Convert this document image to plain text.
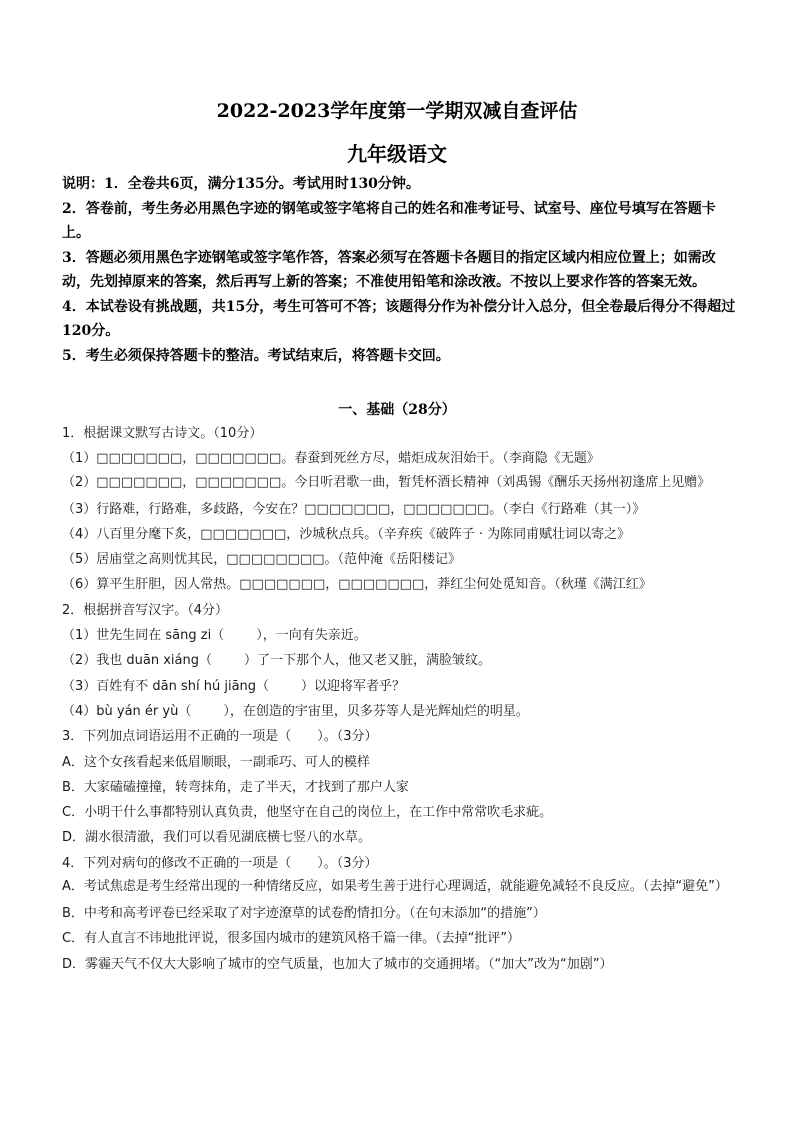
2022-2023学年度第一学期双减自查评估
九年级语文

说明：1．全卷共6页，满分135分。考试用时130分钟。

2．答卷前，考生务必用黑色字迹的钢笔或签字笔将自己的姓名和准考证号、试室号、座位号填写在答题卡上。

3．答题必须用黑色字迹钢笔或签字笔作答，答案必须写在答题卡各题目的指定区域内相应位置上；如需改动，先划掉原来的答案，然后再写上新的答案；不准使用铅笔和涂改液。不按以上要求作答的答案无效。

4．本试卷设有挑战题，共15分，考生可答可不答；该题得分作为补偿分计入总分，但全卷最后得分不得超过120分。

5．考生必须保持答题卡的整洁。考试结束后，将答题卡交回。

一、基础（28分）

1．根据课文默写古诗文。（10分）

（1）□□□□□□□，□□□□□□□。春蚕到死丝方尽，蜡炬成灰泪始干。（李商隐《无题》

（2）□□□□□□□，□□□□□□□。今日听君歌一曲，暂凭杯酒长精神（刘禹锡《酬乐天扬州初逢席上见赠》

（3）行路难，行路难，多歧路，今安在？□□□□□□□，□□□□□□□。（李白《行路难（其一）》

（4）八百里分麾下炙，□□□□□□□，沙城秋点兵。（辛弃疾《破阵子 · 为陈同甫赋壮词以寄之》

（5）居庙堂之高则忧其民，□□□□□□□□。（范仲淹《岳阳楼记》

（6）算平生肝胆，因人常热。□□□□□□□，□□□□□□□，莽红尘何处觅知音。（秋瑾《满江红》

2．根据拼音写汉字。（4分）

（1）世先生同在 sāng zi（ ），一向有失亲近。

（2）我也 duān xiáng（ ）了一下那个人，他又老又脏，满脸皱纹。

（3）百姓有不 dān shí hú jiāng（ ）以迎将军者乎？

（4）bù yán ér yù（ ），在创造的宇宙里，贝多芬等人是光辉灿烂的明星。

3．下列加点词语运用不正确的一项是（　　）。（3分）

A．这个女孩看起来低眉顺眼，一副乖巧、可人的模样

B．大家磕磕撞撞，转弯抹角，走了半天，才找到了那户人家

C．小明干什么事都特别认真负责，他坚守在自己的岗位上，在工作中常常吹毛求疵。

D．湖水很清澈，我们可以看见湖底横七竖八的水草。

4．下列对病句的修改不正确的一项是（　　）。（3分）

A．考试焦虑是考生经常出现的一种情绪反应，如果考生善于进行心理调适，就能避免减轻不良反应。（去掉“避免”）

B．中考和高考评卷已经采取了对字迹潦草的试卷酌情扣分。（在句末添加“的措施”）

C．有人直言不讳地批评说，很多国内城市的建筑风格千篇一律。（去掉“批评”）

D．雾霾天气不仅大大影响了城市的空气质量，也加大了城市的交通拥堵。（“加大”改为“加剧”）
